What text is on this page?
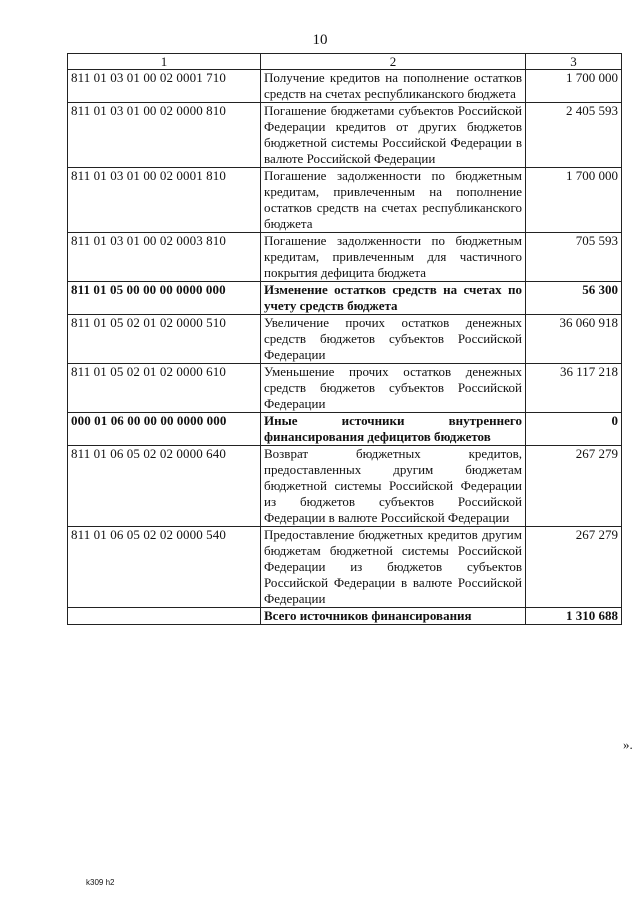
10
1	2	3
811 01 03 01 00 02 0001 710	Получение кредитов на пополнение остатков средств на счетах республиканского бюджета	1 700 000
811 01 03 01 00 02 0000 810	Погашение бюджетами субъектов Российской Федерации кредитов от других бюджетов бюджетной системы Российской Федерации в валюте Российской Федерации	2 405 593
811 01 03 01 00 02 0001 810	Погашение задолженности по бюджетным кредитам, привлеченным на пополнение остатков средств на счетах республиканского бюджета	1 700 000
811 01 03 01 00 02 0003 810	Погашение задолженности по бюджетным кредитам, привлеченным для частичного покрытия дефицита бюджета	705 593
811 01 05 00 00 00 0000 000	Изменение остатков средств на счетах по учету средств бюджета	56 300
811 01 05 02 01 02 0000 510	Увеличение прочих остатков денежных средств бюджетов субъектов Российской Федерации	36 060 918
811 01 05 02 01 02 0000 610	Уменьшение прочих остатков денежных средств бюджетов субъектов Российской Федерации	36 117 218
000 01 06 00 00 00 0000 000	Иные источники внутреннего финансирования дефицитов бюджетов	0
811 01 06 05 02 02 0000 640	Возврат бюджетных кредитов, предоставленных другим бюджетам бюджетной системы Российской Федерации из бюджетов субъектов Российской Федерации в валюте Российской Федерации	267 279
811 01 06 05 02 02 0000 540	Предоставление бюджетных кредитов другим бюджетам бюджетной системы Российской Федерации из бюджетов субъектов Российской Федерации в валюте Российской Федерации	267 279
	Всего источников финансирования	1 310 688
».
k309 h2
